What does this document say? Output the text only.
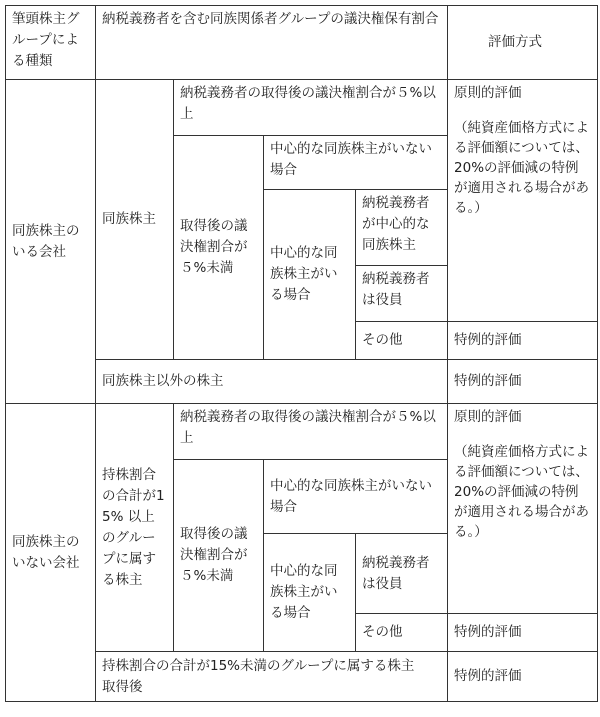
筆頭株主グループによる種類	納税義務者を含む同族関係者グループの議決権保有割合				評価方式
同族株主のいる会社	同族株主	納税義務者の取得後の議決権割合が５%以上			原則的評価
（純資産価格方式による評価額については、20%の評価減の特例が適用される場合がある。）

		取得後の議決権割合が５%未満	中心的な同族株主がいない場合		
			中心的な同族株主がいる場合	納税義務者が中心的な同族株主	
				納税義務者は役員	
				その他	特例的評価
	同族株主以外の株主				特例的評価
同族株主のいない会社	持株割合の合計が15% 以上のグループに属する株主	納税義務者の取得後の議決権割合が５%以上			原則的評価
（純資産価格方式による評価額については、20%の評価減の特例が適用される場合がある。）

		取得後の議決権割合が５%未満	中心的な同族株主がいない場合		
			中心的な同族株主がいる場合	納税義務者は役員	
				その他	特例的評価
	持株割合の合計が15%未満のグループに属する株主　取得後				特例的評価
